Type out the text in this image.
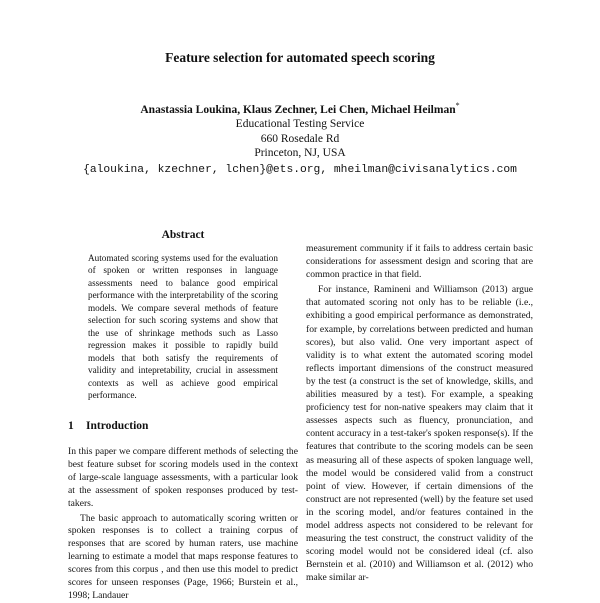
Feature selection for automated speech scoring
Anastassia Loukina, Klaus Zechner, Lei Chen, Michael Heilman*
Educational Testing Service
660 Rosedale Rd
Princeton, NJ, USA
{aloukina, kzechner, lchen}@ets.org, mheilman@civisanalytics.com
Abstract
Automated scoring systems used for the evaluation of spoken or written responses in language assessments need to balance good empirical performance with the interpretability of the scoring models. We compare several methods of feature selection for such scoring systems and show that the use of shrinkage methods such as Lasso regression makes it possible to rapidly build models that both satisfy the requirements of validity and intepretability, crucial in assessment contexts as well as achieve good empirical performance.
1 Introduction

In this paper we compare different methods of selecting the best feature subset for scoring models used in the context of large-scale language assessments, with a particular look at the assessment of spoken responses produced by test-takers.

The basic approach to automatically scoring written or spoken responses is to collect a training corpus of responses that are scored by human raters, use machine learning to estimate a model that maps response features to scores from this corpus , and then use this model to predict scores for unseen responses (Page, 1966; Burstein et al., 1998; Landauer

measurement community if it fails to address certain basic considerations for assessment design and scoring that are common practice in that field.

For instance, Ramineni and Williamson (2013) argue that automated scoring not only has to be reliable (i.e., exhibiting a good empirical performance as demonstrated, for example, by correlations between predicted and human scores), but also valid. One very important aspect of validity is to what extent the automated scoring model reflects important dimensions of the construct measured by the test (a construct is the set of knowledge, skills, and abilities measured by a test). For example, a speaking proficiency test for non-native speakers may claim that it assesses aspects such as fluency, pronunciation, and content accuracy in a test-taker's spoken response(s). If the features that contribute to the scoring models can be seen as measuring all of these aspects of spoken language well, the model would be considered valid from a construct point of view. However, if certain dimensions of the construct are not represented (well) by the feature set used in the scoring model, and/or features contained in the model address aspects not considered to be relevant for measuring the test construct, the construct validity of the scoring model would not be considered ideal (cf. also Bernstein et al. (2010) and Williamson et al. (2012) who make similar ar-
